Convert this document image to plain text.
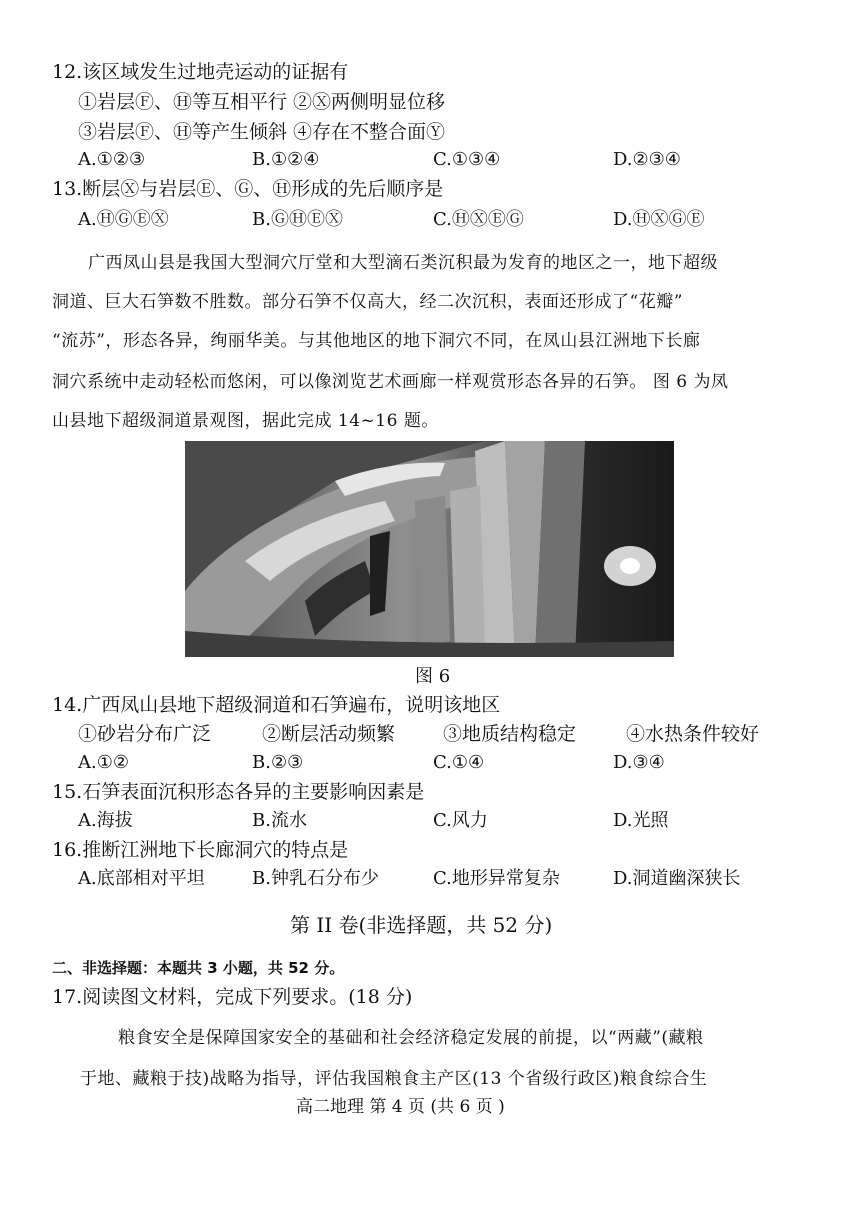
12.该区域发生过地壳运动的证据有
①岩层Ⓕ、Ⓗ等互相平行 ②Ⓧ两侧明显位移
③岩层Ⓕ、Ⓗ等产生倾斜 ④存在不整合面Ⓨ
A.①②③	B.①②④	C.①③④	D.②③④
13.断层Ⓧ与岩层Ⓔ、Ⓖ、Ⓗ形成的先后顺序是
A.ⒽⒼⒺⓍ	B.ⒼⒽⒺⓍ	C.ⒽⓍⒺⒼ	D.ⒽⓍⒼⒺ
广西凤山县是我国大型洞穴厅堂和大型滴石类沉积最为发育的地区之一，地下超级
洞道、巨大石笋数不胜数。部分石笋不仅高大，经二次沉积，表面还形成了“花瓣”
“流苏”，形态各异，绚丽华美。与其他地区的地下洞穴不同，在凤山县江洲地下长廊
洞穴系统中走动轻松而悠闲，可以像浏览艺术画廊一样观赏形态各异的石笋。 图 6 为凤
山县地下超级洞道景观图，据此完成 14~16 题。
图 6
14.广西凤山县地下超级洞道和石笋遍布，说明该地区
①砂岩分布广泛	②断层活动频繁	③地质结构稳定	④水热条件较好
A.①②	B.②③	C.①④	D.③④
15.石笋表面沉积形态各异的主要影响因素是
A.海拔	B.流水	C.风力	D.光照
16.推断江洲地下长廊洞穴的特点是
A.底部相对平坦	B.钟乳石分布少	C.地形异常复杂	D.洞道幽深狭长
第 II 卷(非选择题，共 52 分)
二、非选择题：本题共 3 小题，共 52 分。
17.阅读图文材料，完成下列要求。(18 分)
粮食安全是保障国家安全的基础和社会经济稳定发展的前提，以“两藏”(藏粮
于地、藏粮于技)战略为指导，评估我国粮食主产区(13 个省级行政区)粮食综合生
高二地理 第 4 页 (共 6 页 )
